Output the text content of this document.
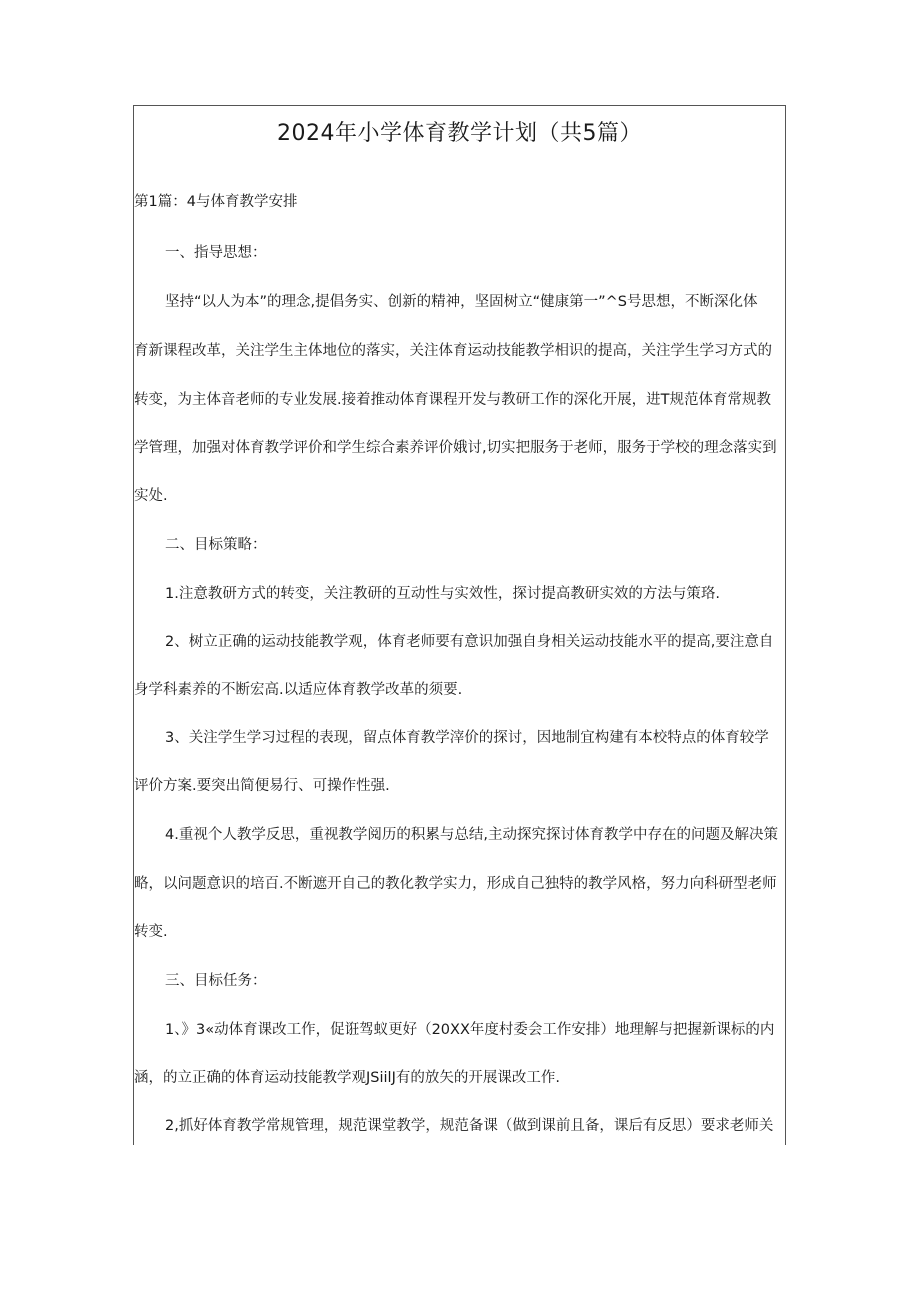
2024年小学体育教学计划（共5篇）
第1篇：4与体育教学安排
一、指导思想：
坚持“以人为本”的理念,提倡务实、创新的精神，坚固树立“健康第一”^S号思想，不断深化体
育新课程改革，关注学生主体地位的落实，关注体育运动技能教学相识的提高，关注学生学习方式的
转变，为主体音老师的专业发展.接着推动体育课程开发与教研工作的深化开展，进T规范体育常规教
学管理，加强对体育教学评价和学生综合素养评价娥讨,切实把服务于老师，服务于学校的理念落实到
实处.
二、目标策略：
1.注意教研方式的转变，关注教研的互动性与实效性，探讨提高教研实效的方法与策珞.
2、树立正确的运动技能教学观，体育老师要有意识加强自身相关运动技能水平的提高,要注意自
身学科素养的不断宏高.以适应体育教学改革的须要.
3、关注学生学习过程的表现，留点体育教学滓价的探讨，因地制宜构建有本校特点的体育较学
评价方案.要突出简便易行、可操作性强.
4.重视个人教学反思，重视教学阅历的积累与总结,主动探究探讨体育教学中存在的问题及解决策
略，以问题意识的培百.不断遮开自己的教化教学实力，形成自己独特的教学风格，努力向科研型老师
转变.
三、目标任务：
1、》3«动体育课改工作，促诳驾蚁更好（20XX年度村委会工作安排）地理解与把握新课标的内
涵，的立正确的体育运动技能教学观JSiilJ有的放矢的开展课改工作.
2,抓好体育教学常规管理，规范课堂教学，规范备课（做到课前且备，课后有反思）要求老师关
